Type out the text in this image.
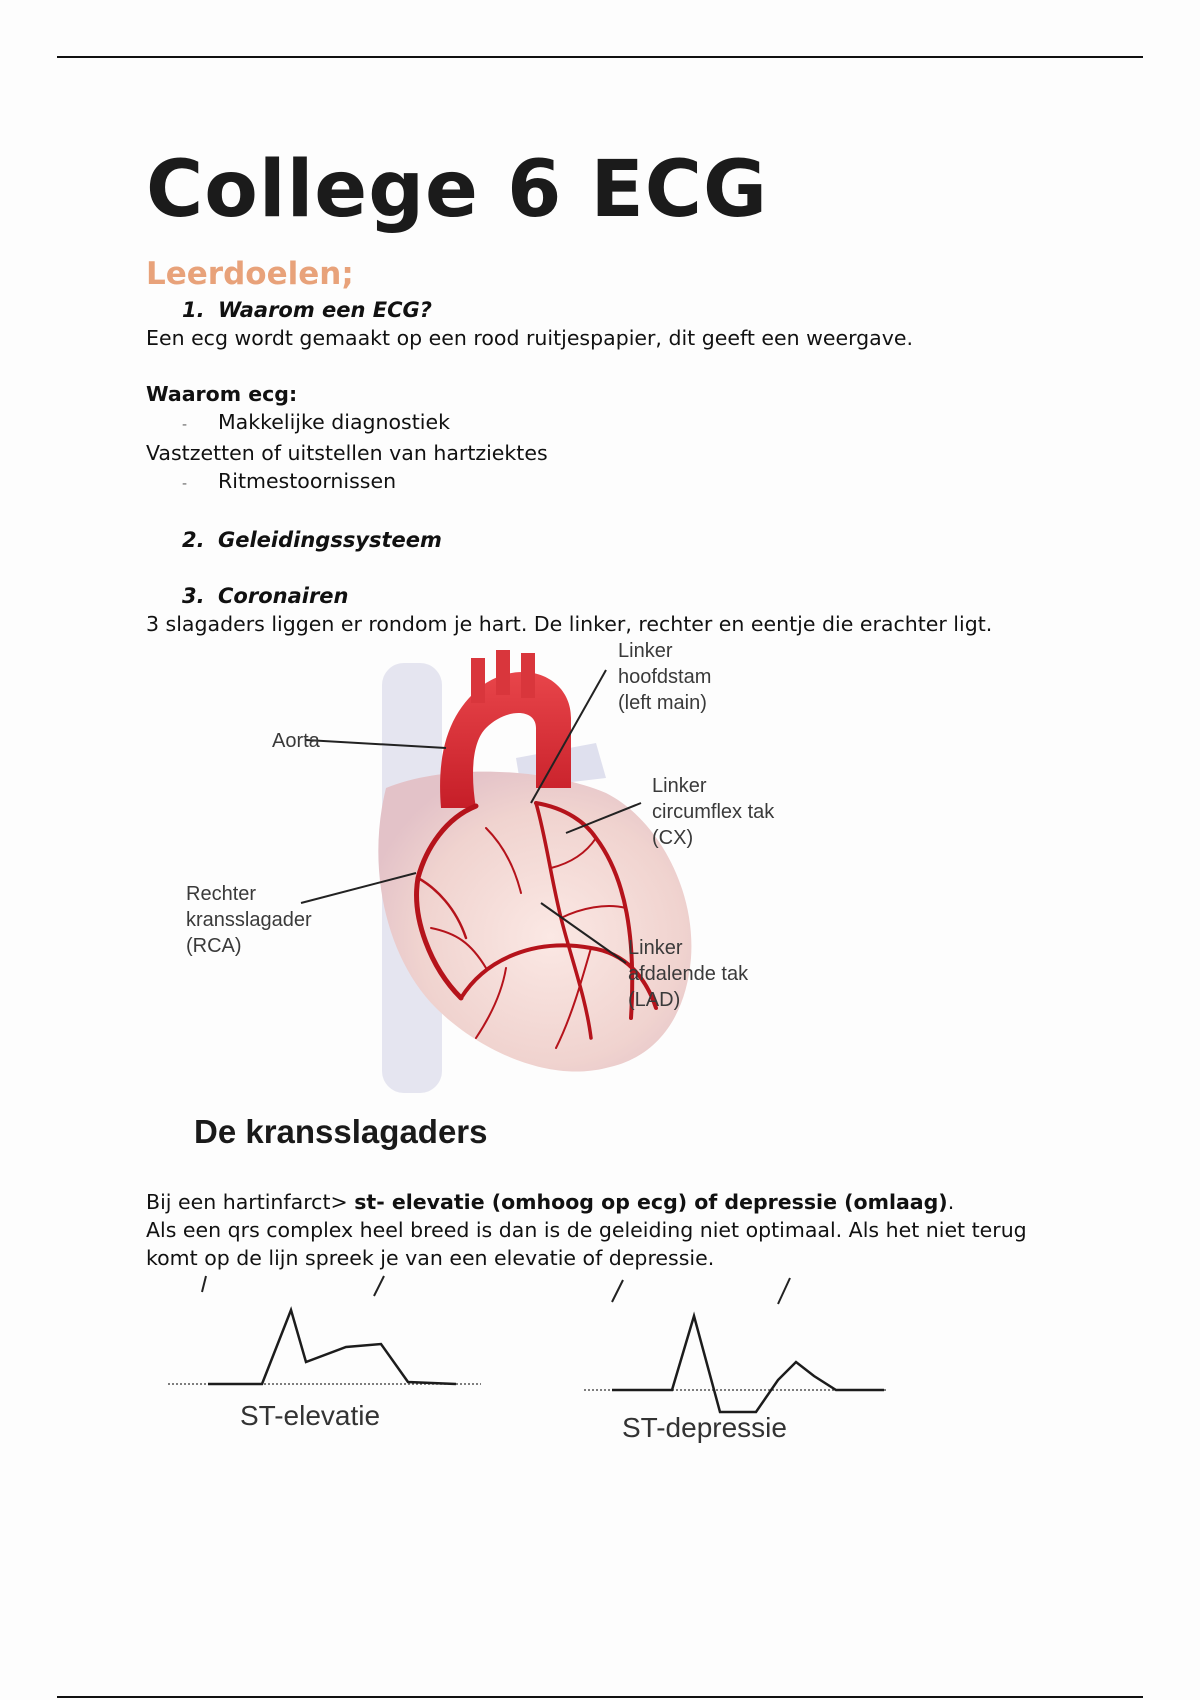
College 6 ECG
Leerdoelen;
1. Waarom een ECG?

Een ecg wordt gemaakt op een rood ruitjespapier, dit geeft een weergave.

Waarom ecg:

- Makkelijke diagnostiek

Vastzetten of uitstellen van hartziektes

- Ritmestoornissen
2. Geleidingssysteem
3. Coronairen

3 slagaders liggen er rondom je hart. De linker, rechter en eentje die erachter ligt.

Aorta
Linker
hoofdstam
(left main)
Linker
circumflex tak
(CX)
Rechter
kransslagader
(RCA)	Linker
afdalende tak
(LAD)
De kransslagaders

Bij een hartinfarct> st- elevatie (omhoog op ecg) of depressie (omlaag).

Als een qrs complex heel breed is dan is de geleiding niet optimaal. Als het niet terug komt op de lijn spreek je van een elevatie of depressie.

ST-elevatie	ST-depressie
